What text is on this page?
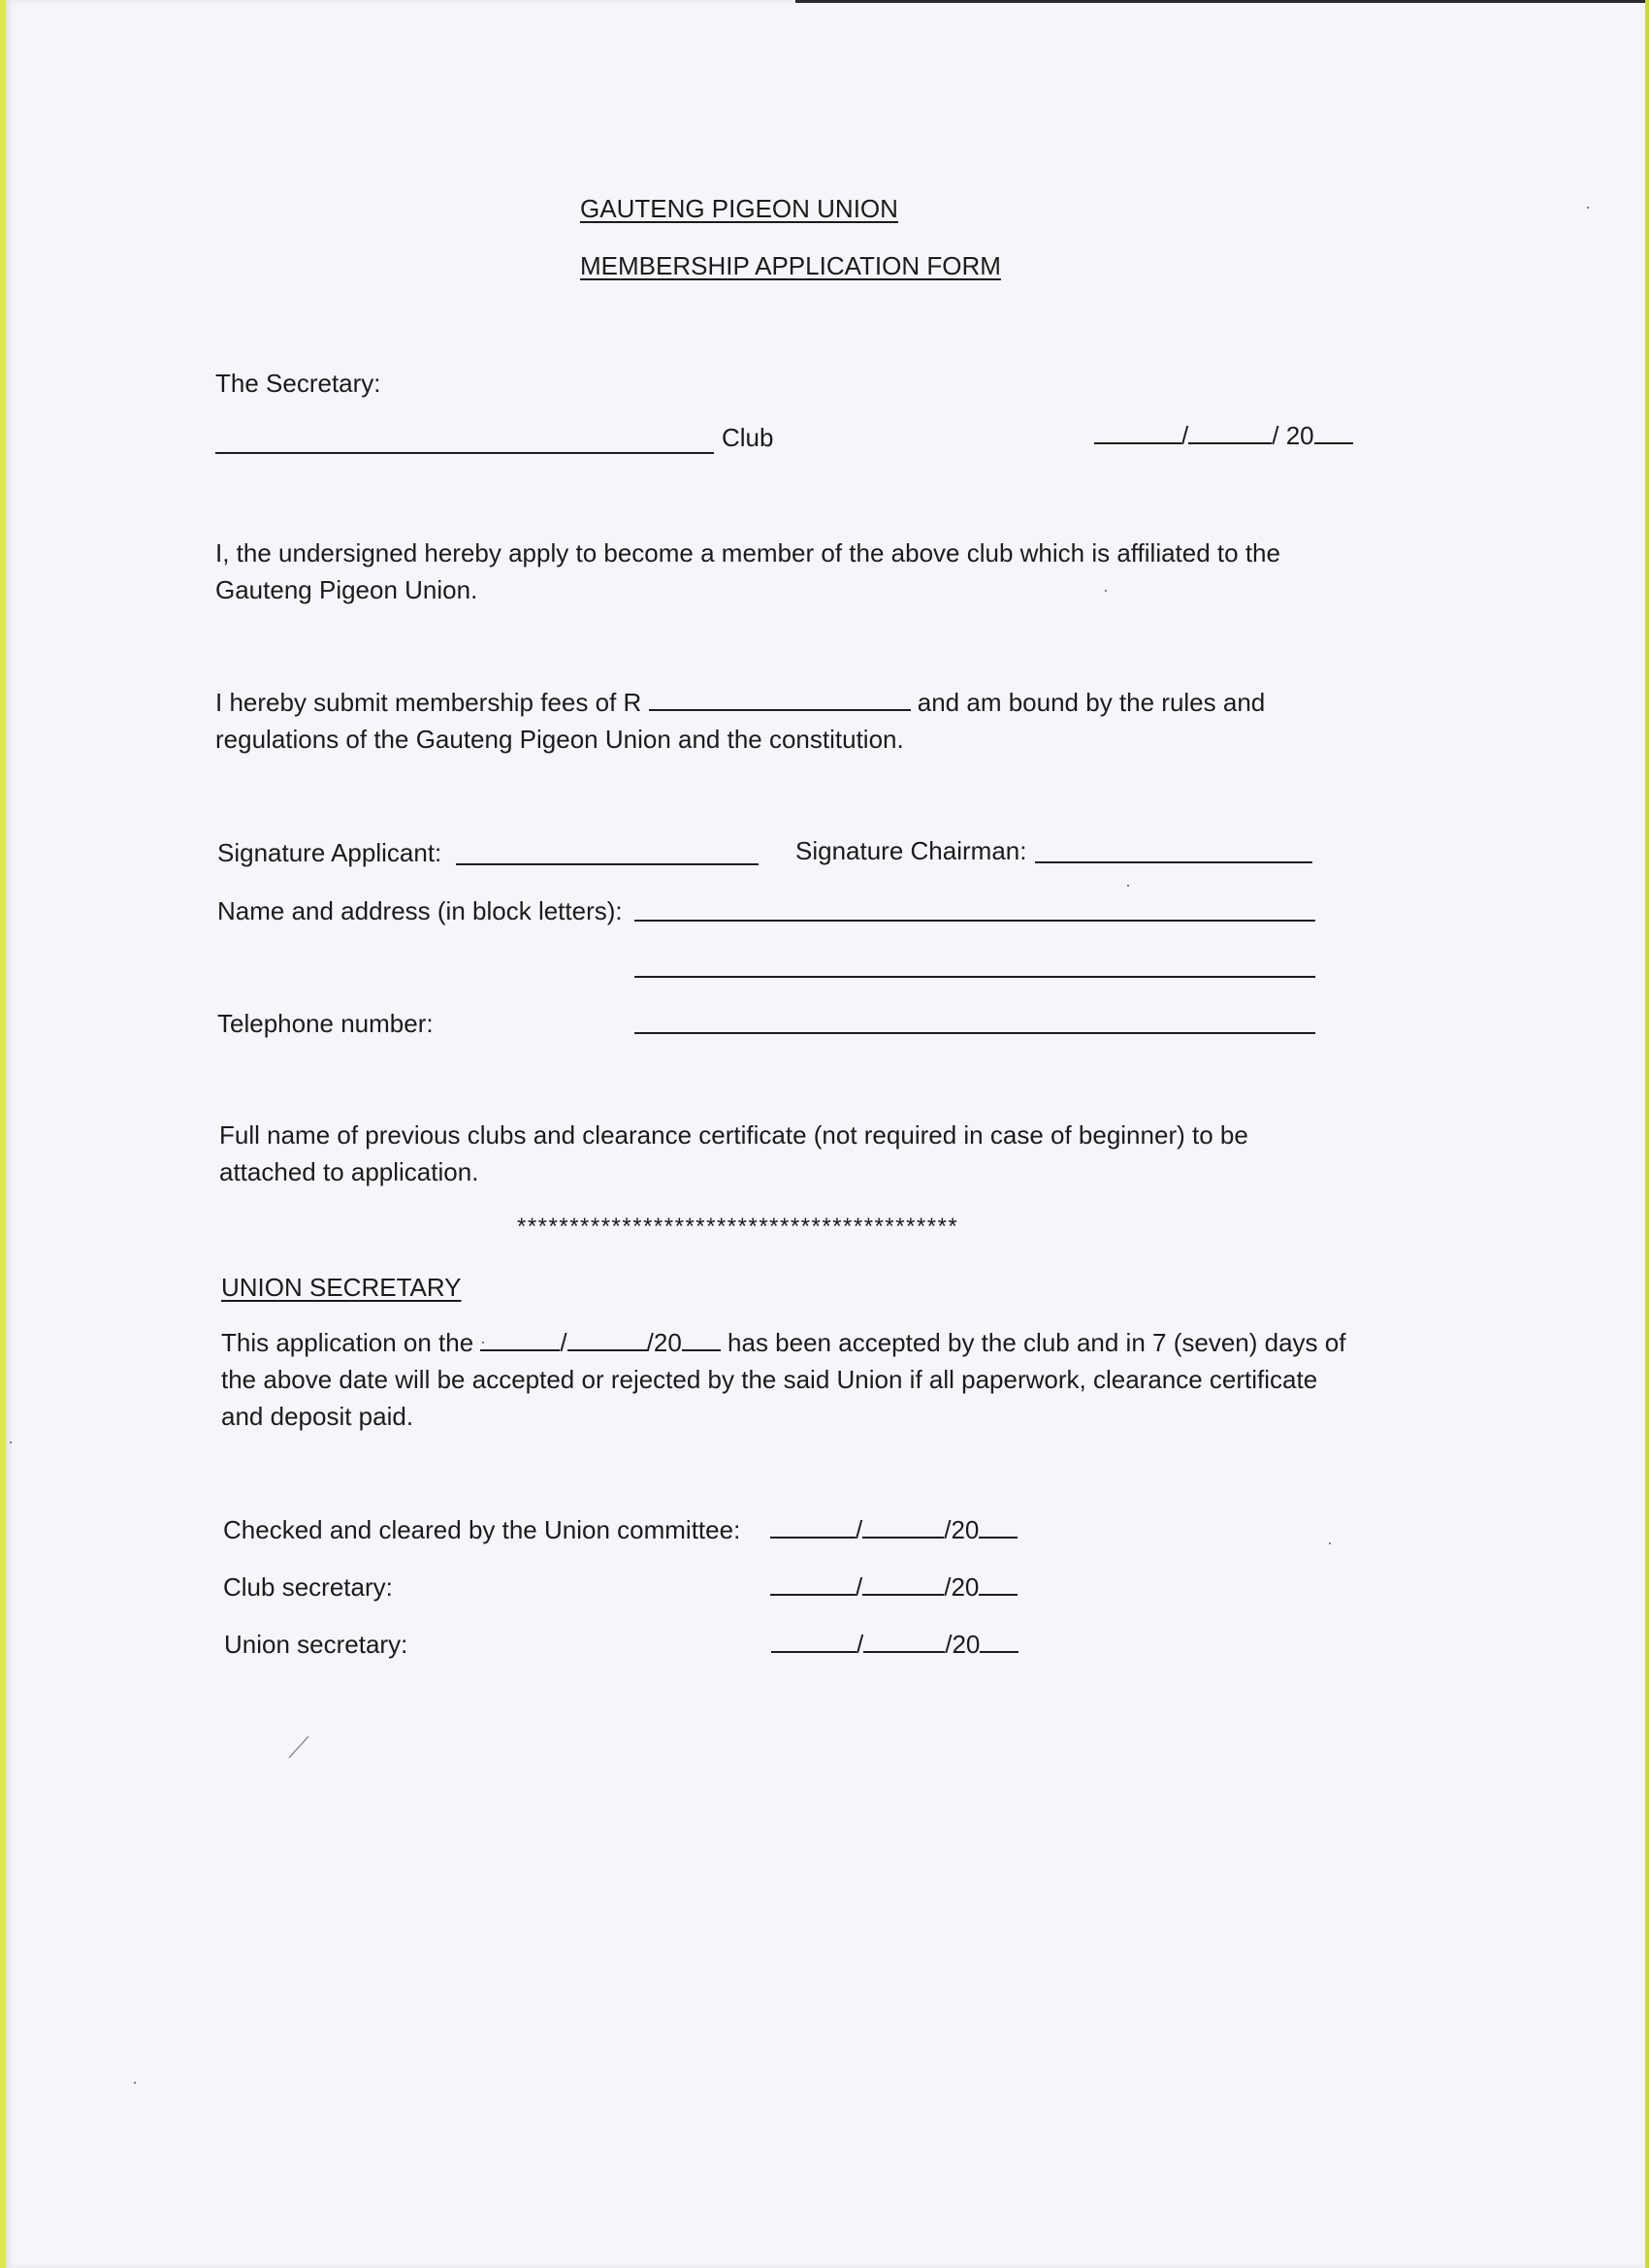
GAUTENG PIGEON UNION
MEMBERSHIP APPLICATION FORM
The Secretary:
Club	/	/ 20
I, the undersigned hereby apply to become a member of the above club which is affiliated to the Gauteng Pigeon Union.
I hereby submit membership fees of R	and am bound by the rules and regulations of the Gauteng Pigeon Union and the constitution.
Signature Applicant:	Signature Chairman:
Name and address (in block letters):
Telephone number:
Full name of previous clubs and clearance certificate (not required in case of beginner) to be attached to application.
******************************************
UNION SECRETARY
This application on the	/	/20 has been accepted by the club and in 7 (seven) days of the above date will be accepted or rejected by the said Union if all paperwork, clearance certificate and deposit paid.
Checked and cleared by the Union committee:	/	/20
Club secretary:	/	/20
Union secretary:	/	/20
